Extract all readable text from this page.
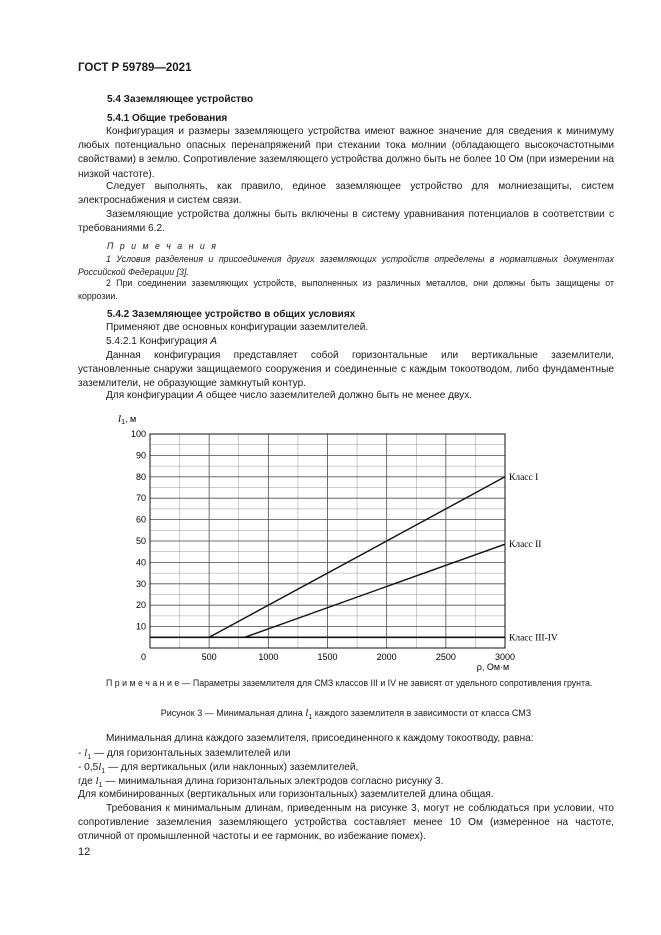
ГОСТ Р 59789—2021
5.4 Заземляющее устройство
5.4.1 Общие требования
Конфигурация и размеры заземляющего устройства имеют важное значение для сведения к минимуму любых потенциально опасных перенапряжений при стекании тока молнии (обладающего высокочастотными свойствами) в землю. Сопротивление заземляющего устройства должно быть не более 10 Ом (при измерении на низкой частоте).
Следует выполнять, как правило, единое заземляющее устройство для молниезащиты, систем электроснабжения и систем связи.
Заземляющие устройства должны быть включены в систему уравнивания потенциалов в соответствии с требованиями 6.2.
П р и м е ч а н и я
1 Условия разделения и присоединения других заземляющих устройств определены в нормативных документах Российской Федерации [3].
2 При соединении заземляющих устройств, выполненных из различных металлов, они должны быть защищены от коррозии.
5.4.2 Заземляющее устройство в общих условиях
Применяют две основных конфигурации заземлителей.
5.4.2.1 Конфигурация А
Данная конфигурация представляет собой горизонтальные или вертикальные заземлители, установленные снаружи защищаемого сооружения и соединенные с каждым токоотводом, либо фундаментные заземлители, не образующие замкнутый контур.
Для конфигурации А общее число заземлителей должно быть не менее двух.
10
20
30
40
50
60
70
80
90
100
0	500	1000	1500	2000	2500	3000
Класс I
Класс II
Класс III-IV
$l_1$, м
ρ, Ом·м
П р и м е ч а н и е — Параметры заземлителя для СМЗ классов III и IV не зависят от удельного сопротивления грунта.
Рисунок 3 — Минимальная длина $l_1$ каждого заземлителя в зависимости от класса СМЗ
Минимальная длина каждого заземлителя, присоединенного к каждому токоотводу, равна:
- $l_1$ — для горизонтальных заземлителей или
- $0,5l_1$ — для вертикальных (или наклонных) заземлителей,
где $l_1$ — минимальная длина горизонтальных электродов согласно рисунку 3.
Для комбинированных (вертикальных или горизонтальных) заземлителей длина общая.
Требования к минимальным длинам, приведенным на рисунке 3, могут не соблюдаться при условии, что сопротивление заземления заземляющего устройства составляет менее 10 Ом (измеренное на частоте, отличной от промышленной частоты и ее гармоник, во избежание помех).
12
